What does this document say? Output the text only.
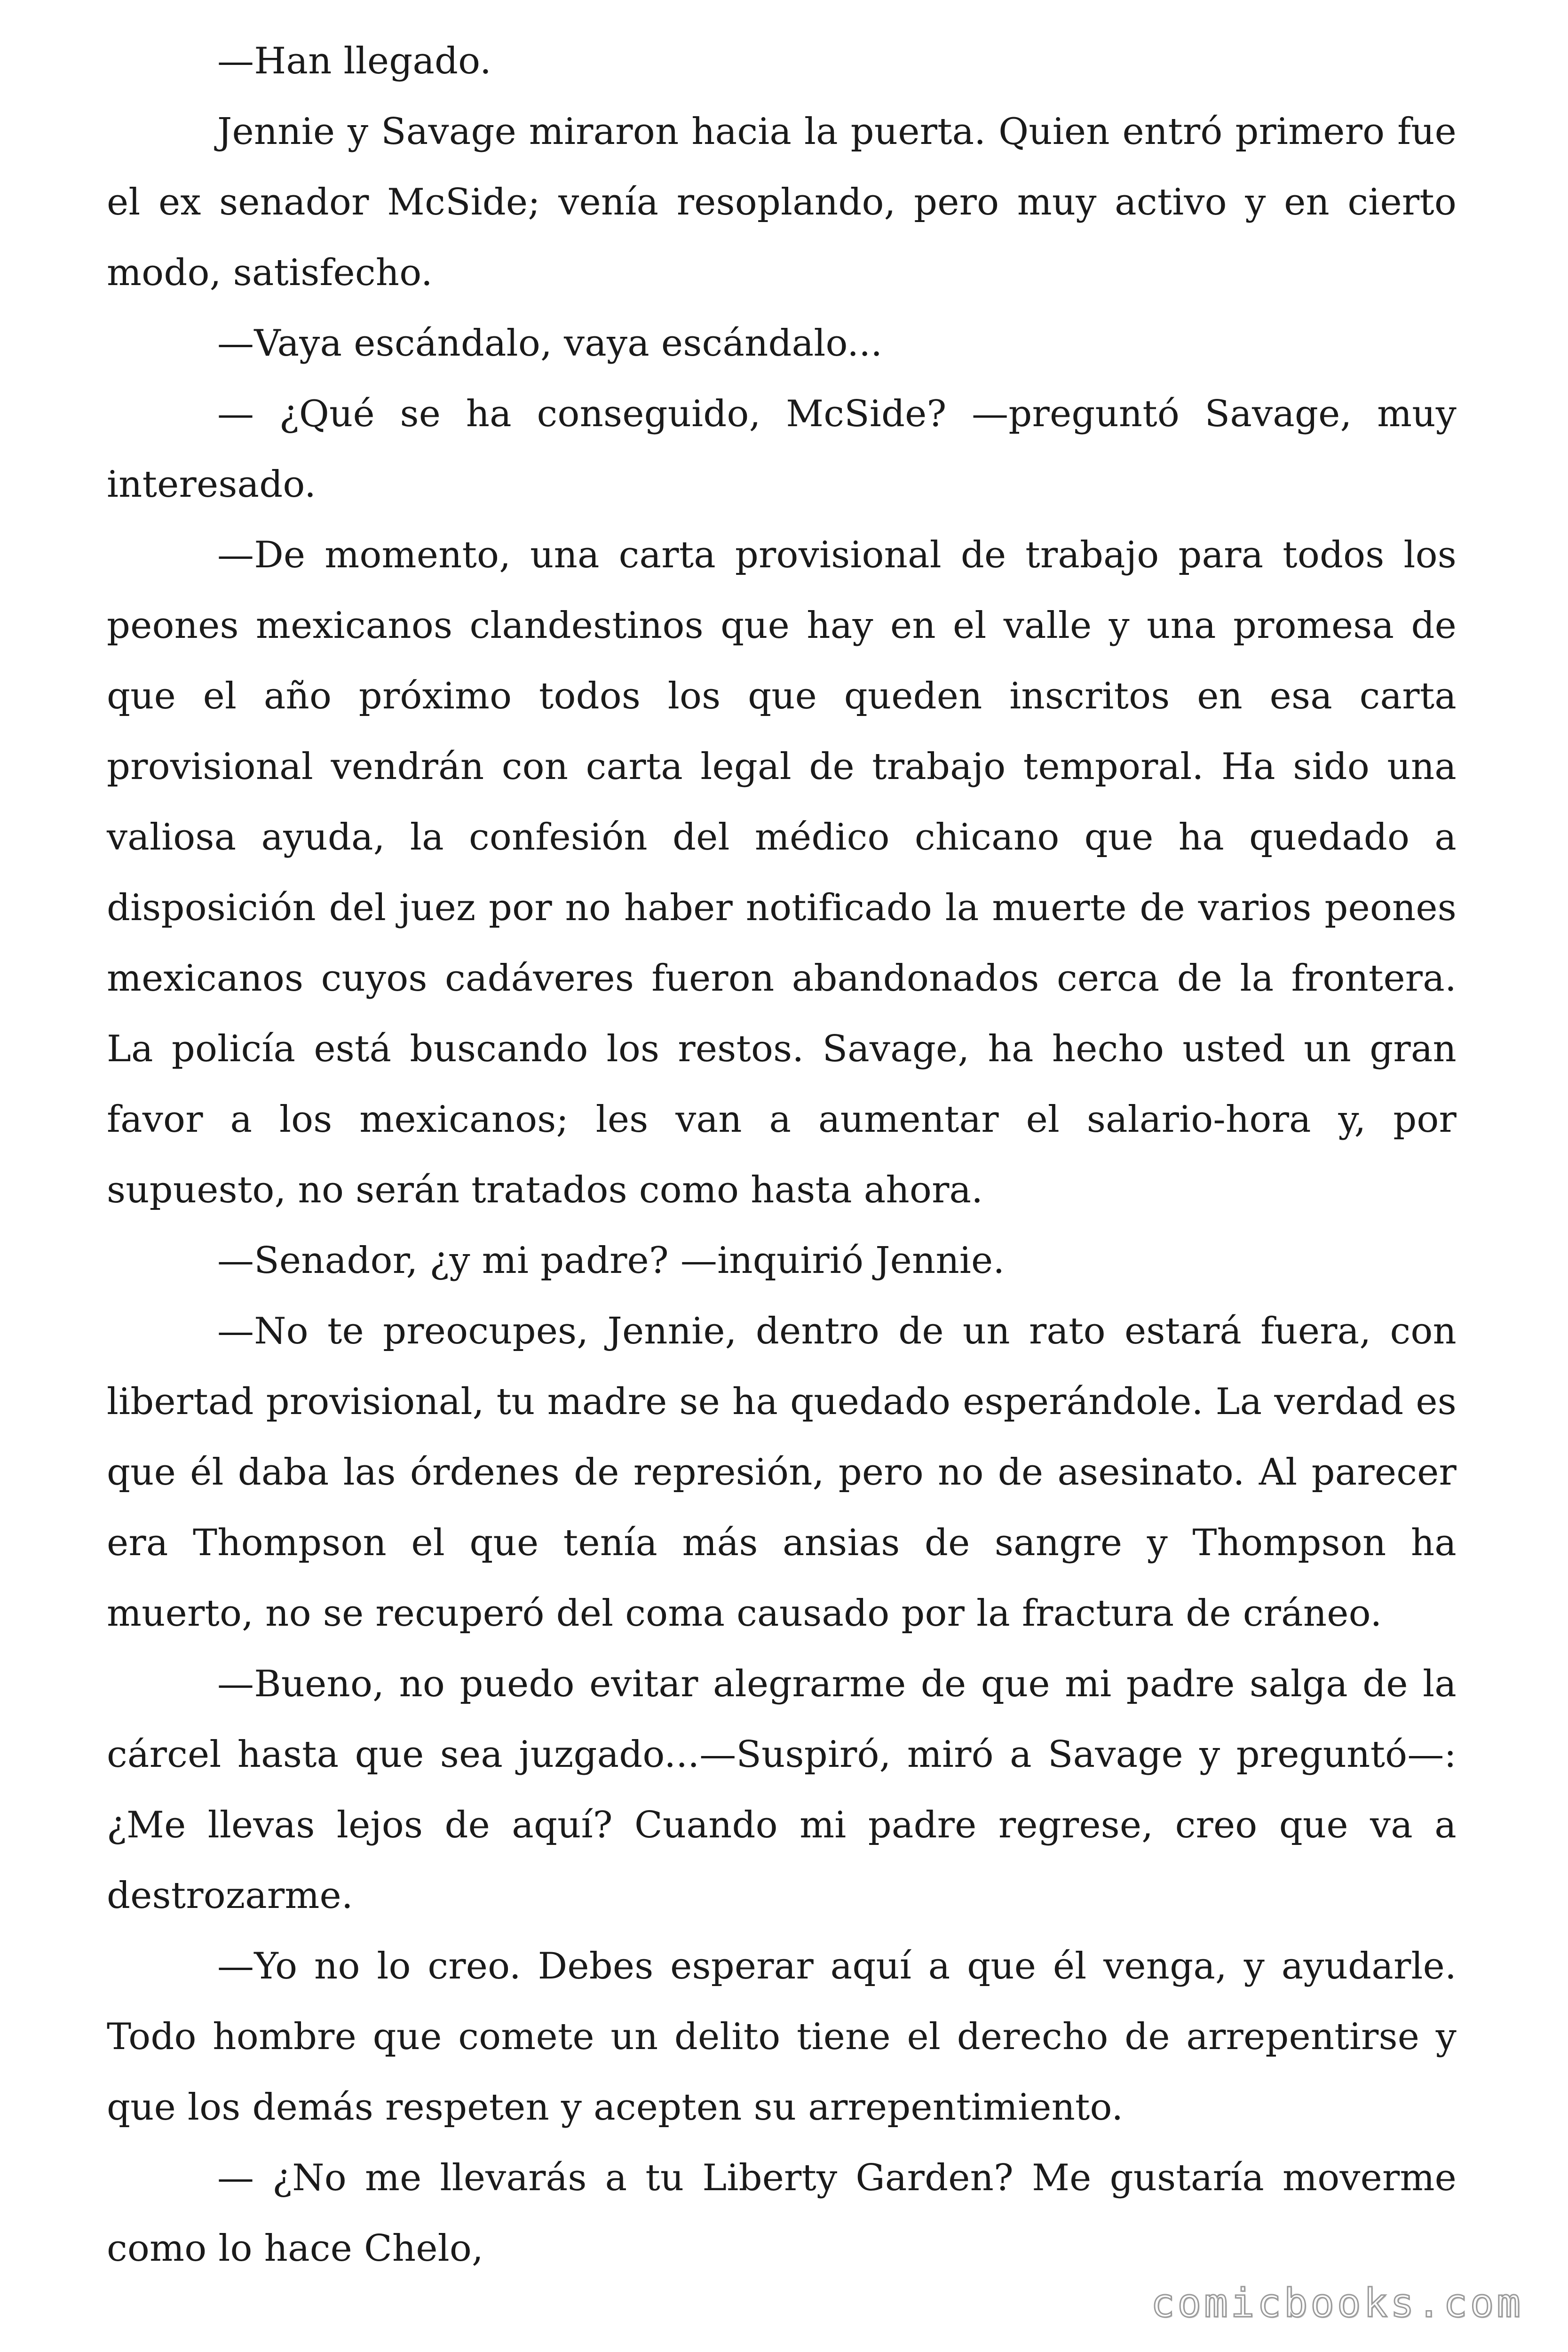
—Han llegado.

Jennie y Savage miraron hacia la puerta. Quien entró primero fue el ex senador McSide; venía resoplando, pero muy activo y en cierto modo, satisfecho.

—Vaya escándalo, vaya escándalo...

— ¿Qué se ha conseguido, McSide? —preguntó Savage, muy interesado.

—De momento, una carta provisional de trabajo para todos los peones mexicanos clandestinos que hay en el valle y una promesa de que el año próximo todos los que queden inscritos en esa carta provisional vendrán con carta legal de trabajo temporal. Ha sido una valiosa ayuda, la confesión del médico chicano que ha quedado a disposición del juez por no haber notificado la muerte de varios peones mexicanos cuyos cadáveres fueron abandonados cerca de la frontera. La policía está buscando los restos. Savage, ha hecho usted un gran favor a los mexicanos; les van a aumentar el salario-hora y, por supuesto, no serán tratados como hasta ahora.

—Senador, ¿y mi padre? —inquirió Jennie.

—No te preocupes, Jennie, dentro de un rato estará fuera, con libertad provisional, tu madre se ha quedado esperándole. La verdad es que él daba las órdenes de represión, pero no de asesinato. Al parecer era Thompson el que tenía más ansias de sangre y Thompson ha muerto, no se recuperó del coma causado por la fractura de cráneo.

—Bueno, no puedo evitar alegrarme de que mi padre salga de la cárcel hasta que sea juzgado...—Suspiró, miró a Savage y preguntó—: ¿Me llevas lejos de aquí? Cuando mi padre regrese, creo que va a destrozarme.

—Yo no lo creo. Debes esperar aquí a que él venga, y ayudarle. Todo hombre que comete un delito tiene el derecho de arrepentirse y que los demás respeten y acepten su arrepentimiento.

— ¿No me llevarás a tu Liberty Garden? Me gustaría moverme como lo hace Chelo,

comicbooks.com
